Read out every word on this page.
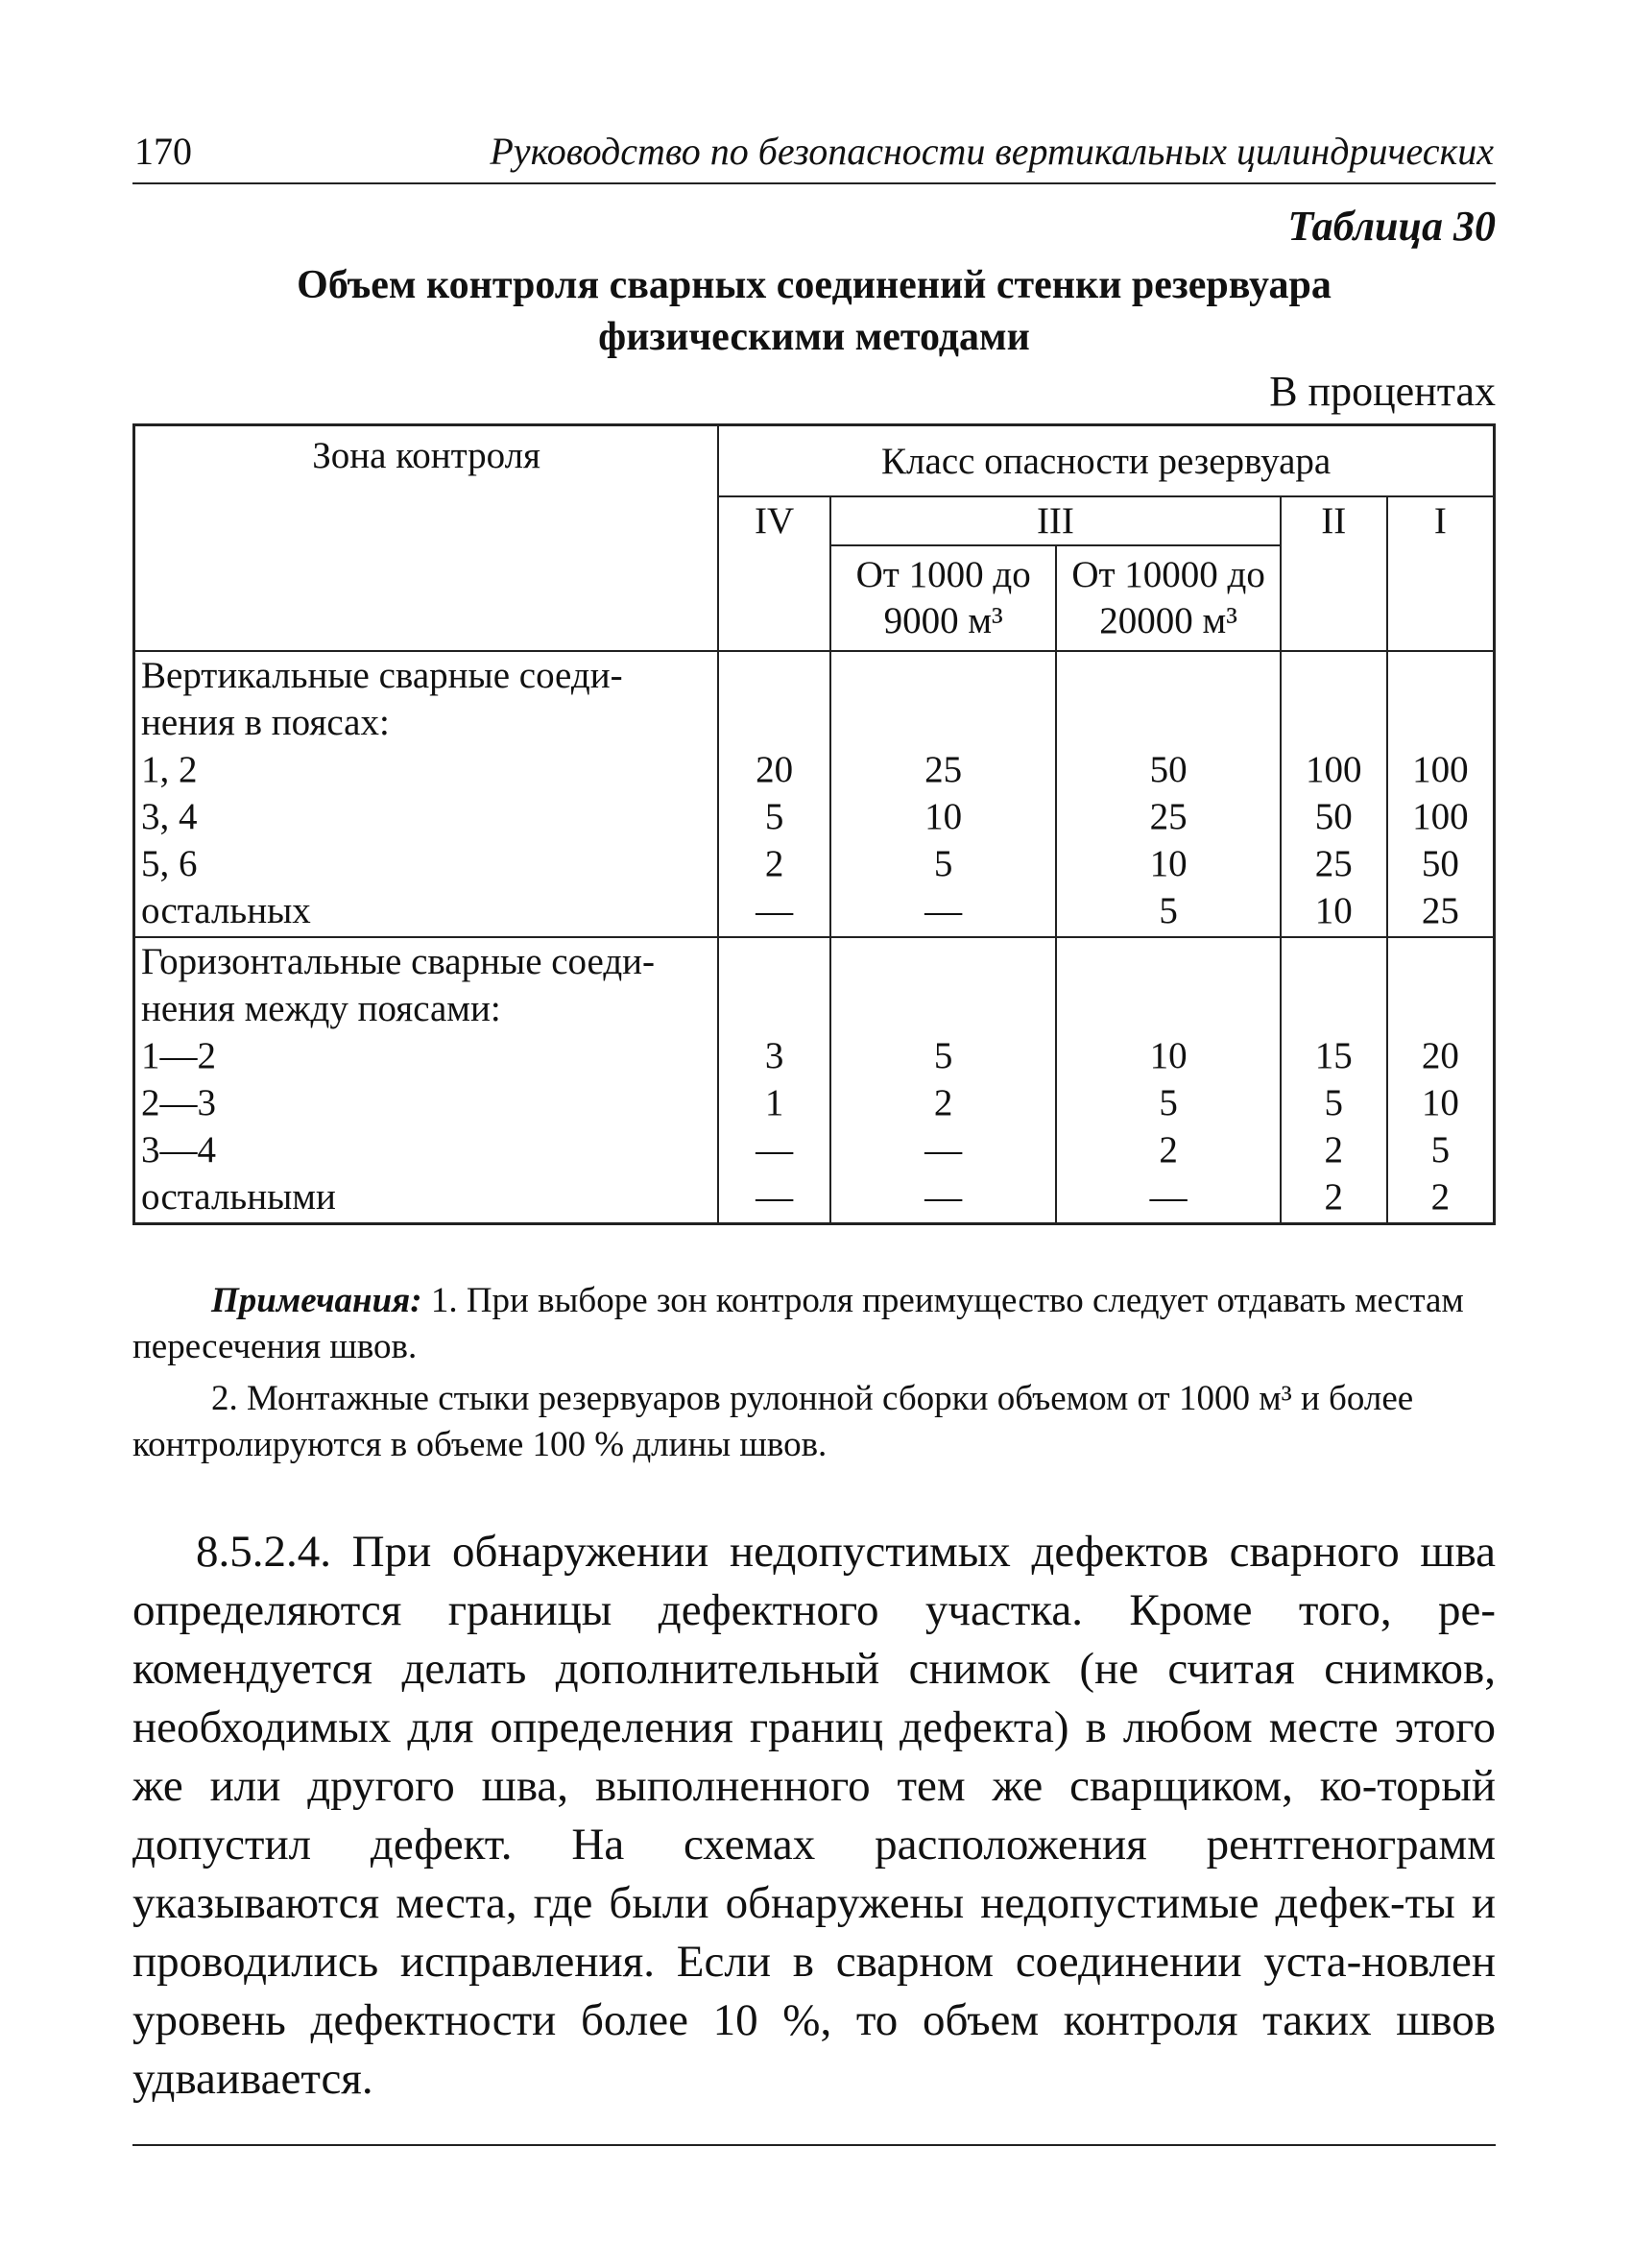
170	Руководство по безопасности вертикальных цилиндрических
Таблица 30
Объем контроля сварных соединений стенки резервуара
физическими методами
В процентах
Зона контроля	Класс опасности резервуара				
	IV	III		II	I
		От 1000 до 9000 м³	От 10000 до 20000 м³		
Вертикальные сварные соеди-нения в поясах:					
1, 2	20	25	50	100	100
3, 4	5	10	25	50	100
5, 6	2	5	10	25	50
остальных	—	—	5	10	25
Горизонтальные сварные соеди-нения между поясами:					
1—2	3	5	10	15	20
2—3	1	2	5	5	10
3—4	—	—	2	2	5
остальными	—	—	—	2	2

Примечания: 1. При выборе зон контроля преимущество следует отдавать местам пересечения швов.

2. Монтажные стыки резервуаров рулонной сборки объемом от 1000 м³ и более контролируются в объеме 100 % длины швов.

8.5.2.4. При обнаружении недопустимых дефектов сварного шва определяются границы дефектного участка. Кроме того, ре-комендуется делать дополнительный снимок (не считая снимков, необходимых для определения границ дефекта) в любом месте этого же или другого шва, выполненного тем же сварщиком, ко-торый допустил дефект. На схемах расположения рентгенограмм указываются места, где были обнаружены недопустимые дефек-ты и проводились исправления. Если в сварном соединении уста-новлен уровень дефектности более 10 %, то объем контроля таких швов удваивается.
